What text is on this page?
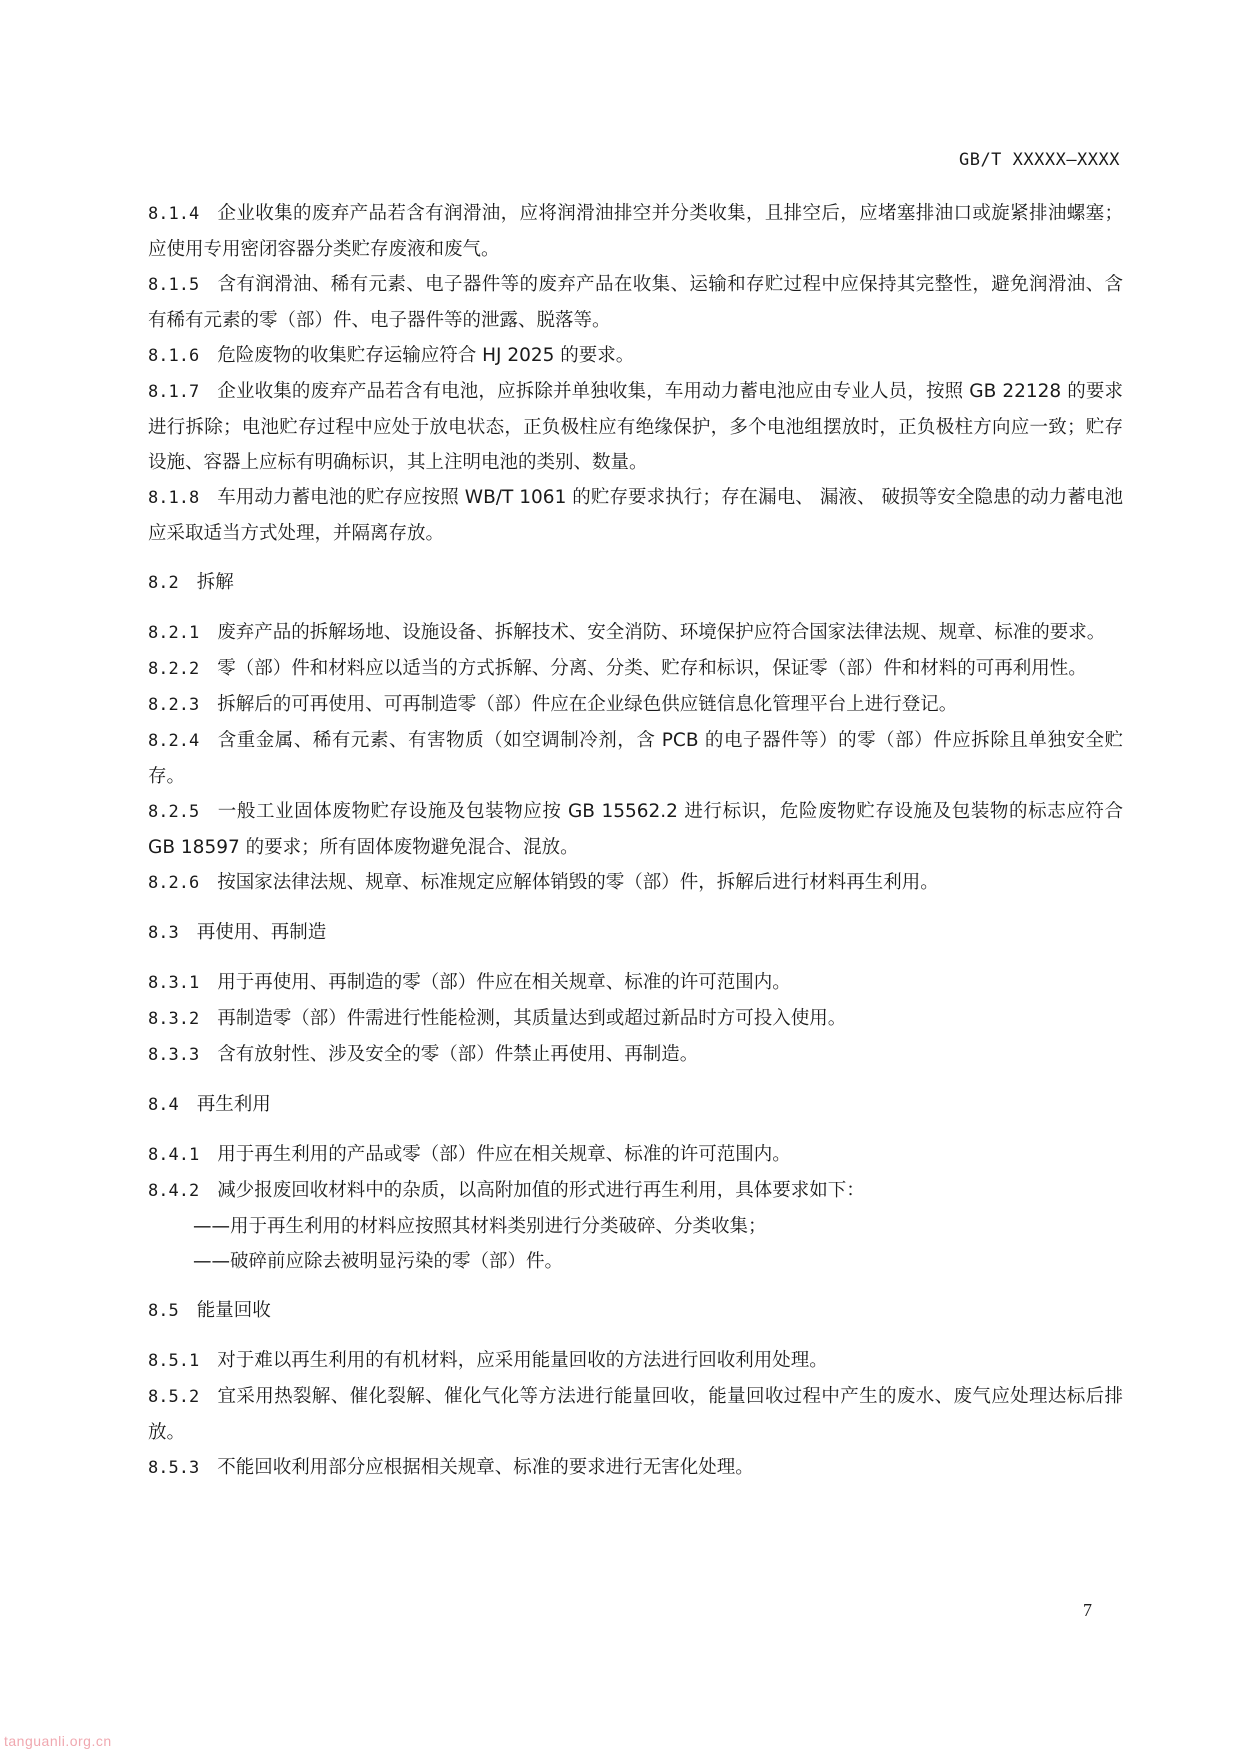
GB/T XXXXX—XXXX
8.1.4 企业收集的废弃产品若含有润滑油，应将润滑油排空并分类收集，且排空后，应堵塞排油口或旋紧排油螺塞；应使用专用密闭容器分类贮存废液和废气。
8.1.5 含有润滑油、稀有元素、电子器件等的废弃产品在收集、运输和存贮过程中应保持其完整性，避免润滑油、含有稀有元素的零（部）件、电子器件等的泄露、脱落等。
8.1.6 危险废物的收集贮存运输应符合 HJ 2025 的要求。
8.1.7 企业收集的废弃产品若含有电池，应拆除并单独收集，车用动力蓄电池应由专业人员，按照 GB 22128 的要求进行拆除；电池贮存过程中应处于放电状态，正负极柱应有绝缘保护，多个电池组摆放时，正负极柱方向应一致；贮存设施、容器上应标有明确标识，其上注明电池的类别、数量。
8.1.8 车用动力蓄电池的贮存应按照 WB/T 1061 的贮存要求执行；存在漏电、 漏液、 破损等安全隐患的动力蓄电池应采取适当方式处理，并隔离存放。
8.2 拆解
8.2.1 废弃产品的拆解场地、设施设备、拆解技术、安全消防、环境保护应符合国家法律法规、规章、标准的要求。
8.2.2 零（部）件和材料应以适当的方式拆解、分离、分类、贮存和标识，保证零（部）件和材料的可再利用性。
8.2.3 拆解后的可再使用、可再制造零（部）件应在企业绿色供应链信息化管理平台上进行登记。
8.2.4 含重金属、稀有元素、有害物质（如空调制冷剂，含 PCB 的电子器件等）的零（部）件应拆除且单独安全贮存。
8.2.5 一般工业固体废物贮存设施及包装物应按 GB 15562.2 进行标识，危险废物贮存设施及包装物的标志应符合 GB 18597 的要求；所有固体废物避免混合、混放。
8.2.6 按国家法律法规、规章、标准规定应解体销毁的零（部）件，拆解后进行材料再生利用。
8.3 再使用、再制造
8.3.1 用于再使用、再制造的零（部）件应在相关规章、标准的许可范围内。
8.3.2 再制造零（部）件需进行性能检测，其质量达到或超过新品时方可投入使用。
8.3.3 含有放射性、涉及安全的零（部）件禁止再使用、再制造。
8.4 再生利用
8.4.1 用于再生利用的产品或零（部）件应在相关规章、标准的许可范围内。
8.4.2 减少报废回收材料中的杂质，以高附加值的形式进行再生利用，具体要求如下：
——用于再生利用的材料应按照其材料类别进行分类破碎、分类收集；
——破碎前应除去被明显污染的零（部）件。
8.5 能量回收
8.5.1 对于难以再生利用的有机材料，应采用能量回收的方法进行回收利用处理。
8.5.2 宜采用热裂解、催化裂解、催化气化等方法进行能量回收，能量回收过程中产生的废水、废气应处理达标后排放。
8.5.3 不能回收利用部分应根据相关规章、标准的要求进行无害化处理。
7
tanguanli.org.cn
